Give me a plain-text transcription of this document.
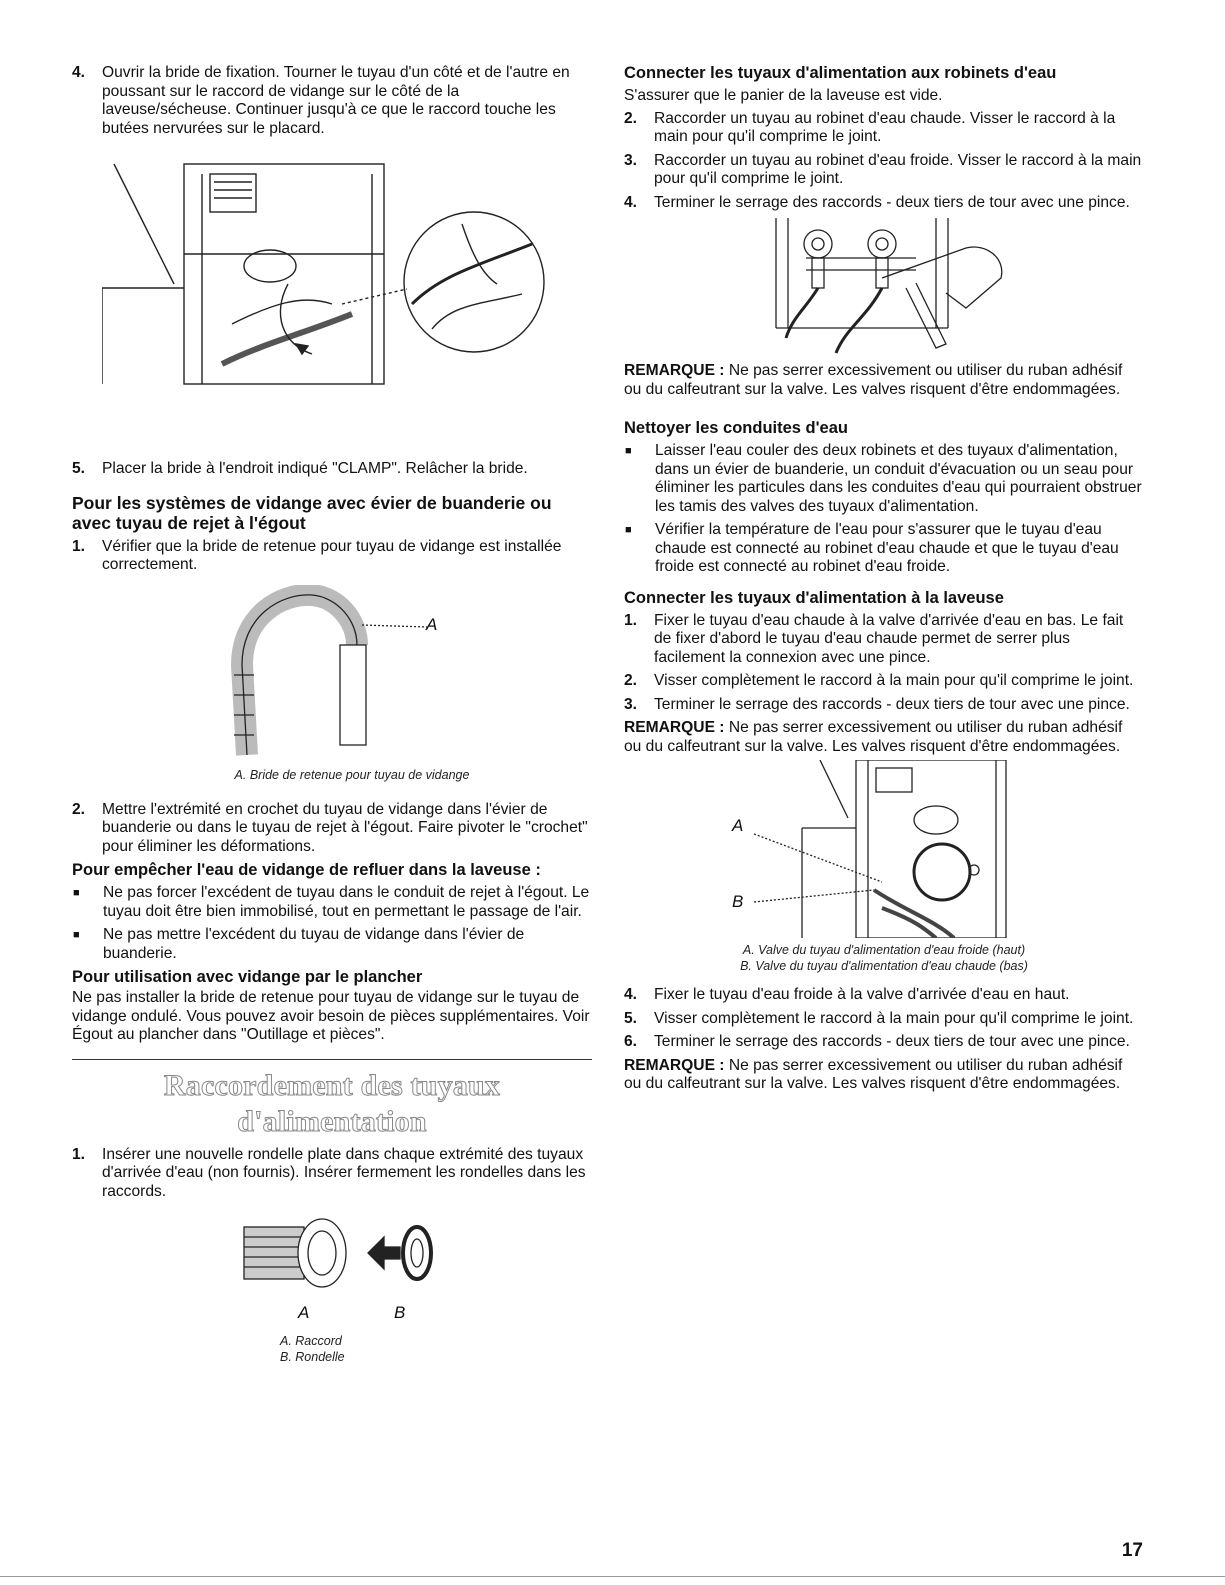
4.	Ouvrir la bride de fixation. Tourner le tuyau d'un côté et de l'autre en poussant sur le raccord de vidange sur le côté de la laveuse/sécheuse. Continuer jusqu'à ce que le raccord touche les butées nervurées sur le placard.
5.	Placer la bride à l'endroit indiqué "CLAMP". Relâcher la bride.
Pour les systèmes de vidange avec évier de buanderie ou avec tuyau de rejet à l'égout
1.	Vérifier que la bride de retenue pour tuyau de vidange est installée correctement.
A

A. Bride de retenue pour tuyau de vidange

2.	Mettre l'extrémité en crochet du tuyau de vidange dans l'évier de buanderie ou dans le tuyau de rejet à l'égout. Faire pivoter le "crochet" pour éliminer les déformations.
Pour empêcher l'eau de vidange de refluer dans la laveuse :
■	Ne pas forcer l'excédent de tuyau dans le conduit de rejet à l'égout. Le tuyau doit être bien immobilisé, tout en permettant le passage de l'air.
■	Ne pas mettre l'excédent du tuyau de vidange dans l'évier de buanderie.
Pour utilisation avec vidange par le plancher

Ne pas installer la bride de retenue pour tuyau de vidange sur le tuyau de vidange ondulé. Vous pouvez avoir besoin de pièces supplémentaires. Voir Égout au plancher dans "Outillage et pièces".

Raccordement des tuyaux d'alimentation
1.	Insérer une nouvelle rondelle plate dans chaque extrémité des tuyaux d'arrivée d'eau (non fournis). Insérer fermement les rondelles dans les raccords.
A	B

A. Raccord

B. Rondelle

Connecter les tuyaux d'alimentation aux robinets d'eau

S'assurer que le panier de la laveuse est vide.

2.	Raccorder un tuyau au robinet d'eau chaude. Visser le raccord à la main pour qu'il comprime le joint.
3.	Raccorder un tuyau au robinet d'eau froide. Visser le raccord à la main pour qu'il comprime le joint.
4.	Terminer le serrage des raccords - deux tiers de tour avec une pince.

REMARQUE : Ne pas serrer excessivement ou utiliser du ruban adhésif ou du calfeutrant sur la valve. Les valves risquent d'être endommagées.

Nettoyer les conduites d'eau
■	Laisser l'eau couler des deux robinets et des tuyaux d'alimentation, dans un évier de buanderie, un conduit d'évacuation ou un seau pour éliminer les particules dans les conduites d'eau qui pourraient obstruer les tamis des valves des tuyaux d'alimentation.
■	Vérifier la température de l'eau pour s'assurer que le tuyau d'eau chaude est connecté au robinet d'eau chaude et que le tuyau d'eau froide est connecté au robinet d'eau froide.
Connecter les tuyaux d'alimentation à la laveuse
1.	Fixer le tuyau d'eau chaude à la valve d'arrivée d'eau en bas. Le fait de fixer d'abord le tuyau d'eau chaude permet de serrer plus facilement la connexion avec une pince.
2.	Visser complètement le raccord à la main pour qu'il comprime le joint.
3.	Terminer le serrage des raccords - deux tiers de tour avec une pince.

REMARQUE : Ne pas serrer excessivement ou utiliser du ruban adhésif ou du calfeutrant sur la valve. Les valves risquent d'être endommagées.

A
B

A. Valve du tuyau d'alimentation d'eau froide (haut)

B. Valve du tuyau d'alimentation d'eau chaude (bas)

4.	Fixer le tuyau d'eau froide à la valve d'arrivée d'eau en haut.
5.	Visser complètement le raccord à la main pour qu'il comprime le joint.
6.	Terminer le serrage des raccords - deux tiers de tour avec une pince.

REMARQUE : Ne pas serrer excessivement ou utiliser du ruban adhésif ou du calfeutrant sur la valve. Les valves risquent d'être endommagées.

17
